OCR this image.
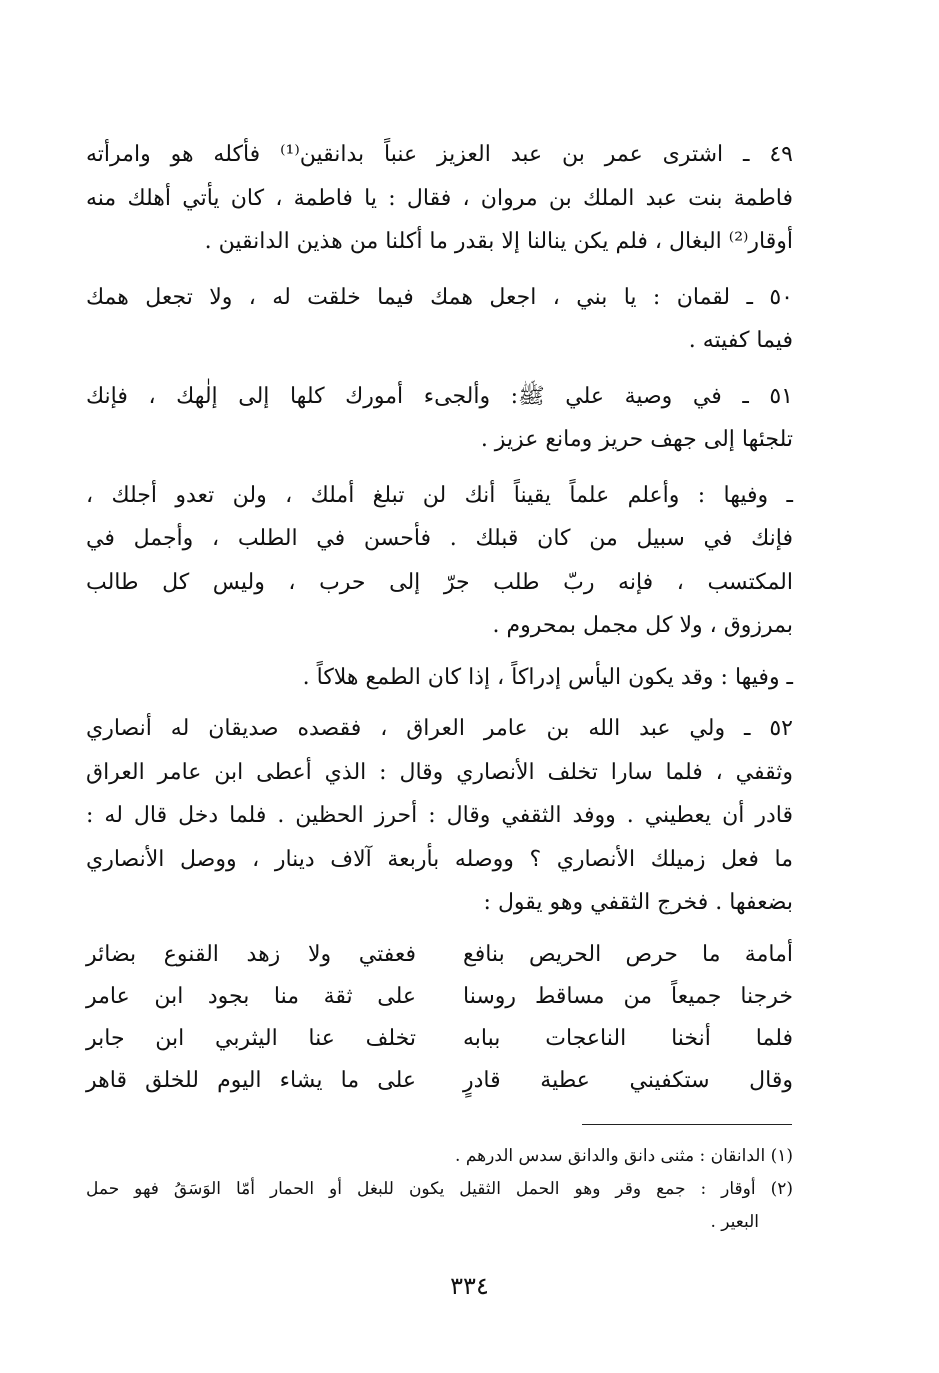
٤٩ ـ اشترى عمر بن عبد العزيز عنباً بدانقين⁽¹⁾ فأكله هو وامرأته
فاطمة بنت عبد الملك بن مروان ، فقال : يا فاطمة ، كان يأتي أهلك منه
أوقار⁽²⁾ البغال ، فلم يكن ينالنا إلا بقدر ما أكلنا من هذين الدانقين .

٥٠ ـ لقمان : يا بني ، اجعل همك فيما خلقت له ، ولا تجعل همك
فيما كفيته .

٥١ ـ في وصية علي ﷺ: وألجىء أمورك كلها إلى إلٰهك ، فإنك
تلجئها إلى جهف حريز ومانع عزيز .

ـ وفيها : وأعلم علماً يقيناً أنك لن تبلغ أملك ، ولن تعدو أجلك ،
فإنك في سبيل من كان قبلك . فأحسن في الطلب ، وأجمل في
المكتسب ، فإنه ربّ طلب جرّ إلى حرب ، وليس كل طالب
بمرزوق ، ولا كل مجمل بمحروم .

ـ وفيها : وقد يكون اليأس إدراكاً ، إذا كان الطمع هلاكاً .

٥٢ ـ ولي عبد الله بن عامر العراق ، فقصده صديقان له أنصاري
وثقفي ، فلما سارا تخلف الأنصاري وقال : الذي أعطى ابن عامر العراق
قادر أن يعطيني . ووفد الثقفي وقال : أحرز الحظين . فلما دخل قال له :
ما فعل زميلك الأنصاري ؟ ووصله بأربعة آلاف دينار ، ووصل الأنصاري
بضعفها . فخرج الثقفي وهو يقول :

أمامة ما حرص الحريص بنافع
فعفتي ولا زهد القنوع بضائر
خرجنا جميعاً من مساقط روسنا
على ثقة منا بجود ابن عامر
فلما أنخنا الناعجات ببابه
تخلف عنا اليثربي ابن جابر
وقال ستكفيني عطية قادرٍ
على ما يشاء اليوم للخلق قاهر
(١) الدانقان : مثنى دانق والدانق سدس الدرهم .
(٢) أوقار : جمع وقر وهو الحمل الثقيل يكون للبغل أو الحمار أمّا الوَسَقُ فهو حمل
البعير .
٣٣٤
